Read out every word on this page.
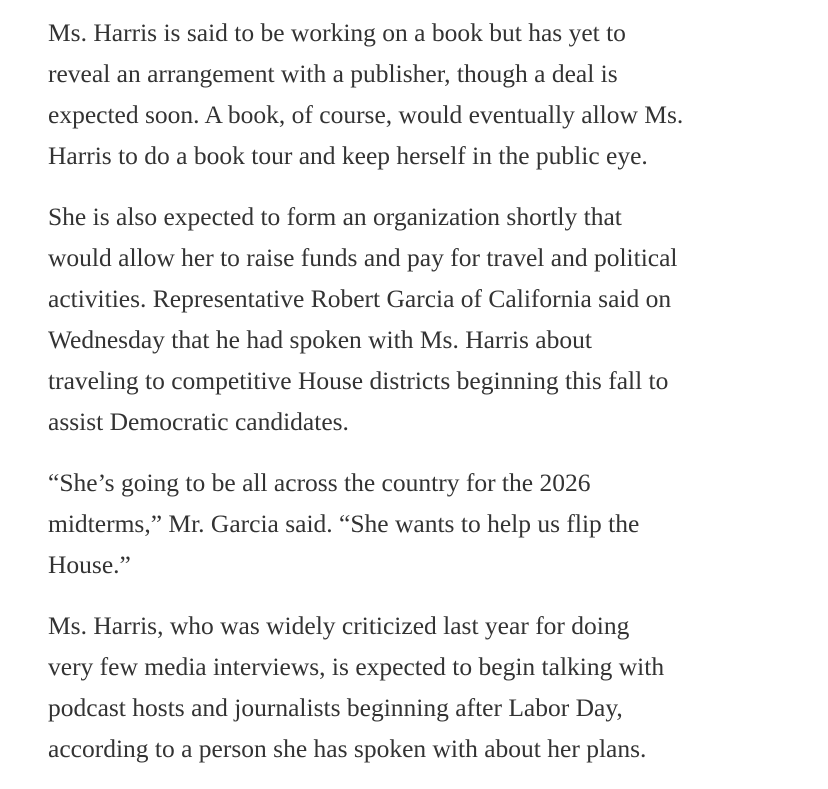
Ms. Harris is said to be working on a book but has yet to
reveal an arrangement with a publisher, though a deal is
expected soon. A book, of course, would eventually allow Ms.
Harris to do a book tour and keep herself in the public eye.

She is also expected to form an organization shortly that
would allow her to raise funds and pay for travel and political
activities. Representative Robert Garcia of California said on
Wednesday that he had spoken with Ms. Harris about
traveling to competitive House districts beginning this fall to
assist Democratic candidates.

“She’s going to be all across the country for the 2026
midterms,” Mr. Garcia said. “She wants to help us flip the
House.”

Ms. Harris, who was widely criticized last year for doing
very few media interviews, is expected to begin talking with
podcast hosts and journalists beginning after Labor Day,
according to a person she has spoken with about her plans.
